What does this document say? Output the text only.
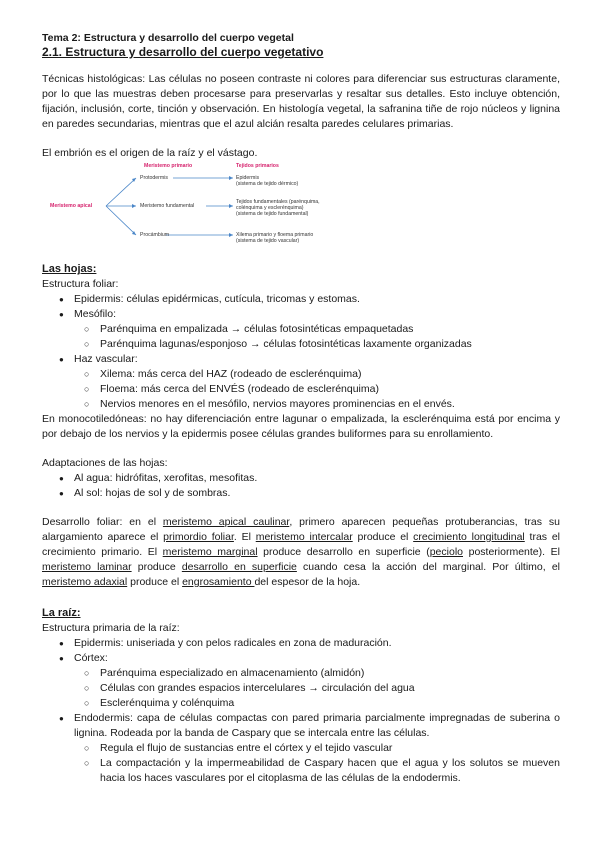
Tema 2: Estructura y desarrollo del cuerpo vegetal

2.1. Estructura y desarrollo del cuerpo vegetativo

Técnicas histológicas: Las células no poseen contraste ni colores para diferenciar sus estructuras claramente, por lo que las muestras deben procesarse para preservarlas y resaltar sus detalles. Esto incluye obtención, fijación, inclusión, corte, tinción y observación. En histología vegetal, la safranina tiñe de rojo núcleos y lignina en paredes secundarias, mientras que el azul alcián resalta paredes celulares primarias.

El embrión es el origen de la raíz y el vástago.

Meristemo primario	Tejidos primarios
Meristemo apical
Protodermis
Meristemo fundamental
Procámbium
Epidermis
(sistema de tejido dérmico)
Tejidos fundamentales (parénquima,
colénquima y esclerénquima)
(sistema de tejido fundamental)
Xilema primario y floema primario
(sistema de tejido vascular)
Las hojas:

Estructura foliar:

● Epidermis: células epidérmicas, cutícula, tricomas y estomas.
● Mesófilo:
○ Parénquima en empalizada → células fotosintéticas empaquetadas
○ Parénquima lagunas/esponjoso → células fotosintéticas laxamente organizadas
● Haz vascular:
○ Xilema: más cerca del HAZ (rodeado de esclerénquima)
○ Floema: más cerca del ENVÉS (rodeado de esclerénquima)
○ Nervios menores en el mesófilo, nervios mayores prominencias en el envés.

En monocotiledóneas: no hay diferenciación entre lagunar o empalizada, la esclerénquima está por encima y por debajo de los nervios y la epidermis posee células grandes buliformes para su enrollamiento.

Adaptaciones de las hojas:

● Al agua: hidrófitas, xerofitas, mesofitas.
● Al sol: hojas de sol y de sombras.

Desarrollo foliar: en el meristemo apical caulinar, primero aparecen pequeñas protuberancias, tras su alargamiento aparece el primordio foliar. El meristemo intercalar produce el crecimiento longitudinal tras el crecimiento primario. El meristemo marginal produce desarrollo en superficie (peciolo posteriormente). El meristemo laminar produce desarrollo en superficie cuando cesa la acción del marginal. Por último, el meristemo adaxial produce el engrosamiento del espesor de la hoja.

La raíz:

Estructura primaria de la raíz:

● Epidermis: uniseriada y con pelos radicales en zona de maduración.
● Córtex:
○ Parénquima especializado en almacenamiento (almidón)
○ Células con grandes espacios intercelulares → circulación del agua
○ Esclerénquima y colénquima
● Endodermis: capa de células compactas con pared primaria parcialmente impregnadas de suberina o lignina. Rodeada por la banda de Caspary que se intercala entre las células.
○ Regula el flujo de sustancias entre el córtex y el tejido vascular
○ La compactación y la impermeabilidad de Caspary hacen que el agua y los solutos se mueven hacia los haces vasculares por el citoplasma de las células de la endodermis.
